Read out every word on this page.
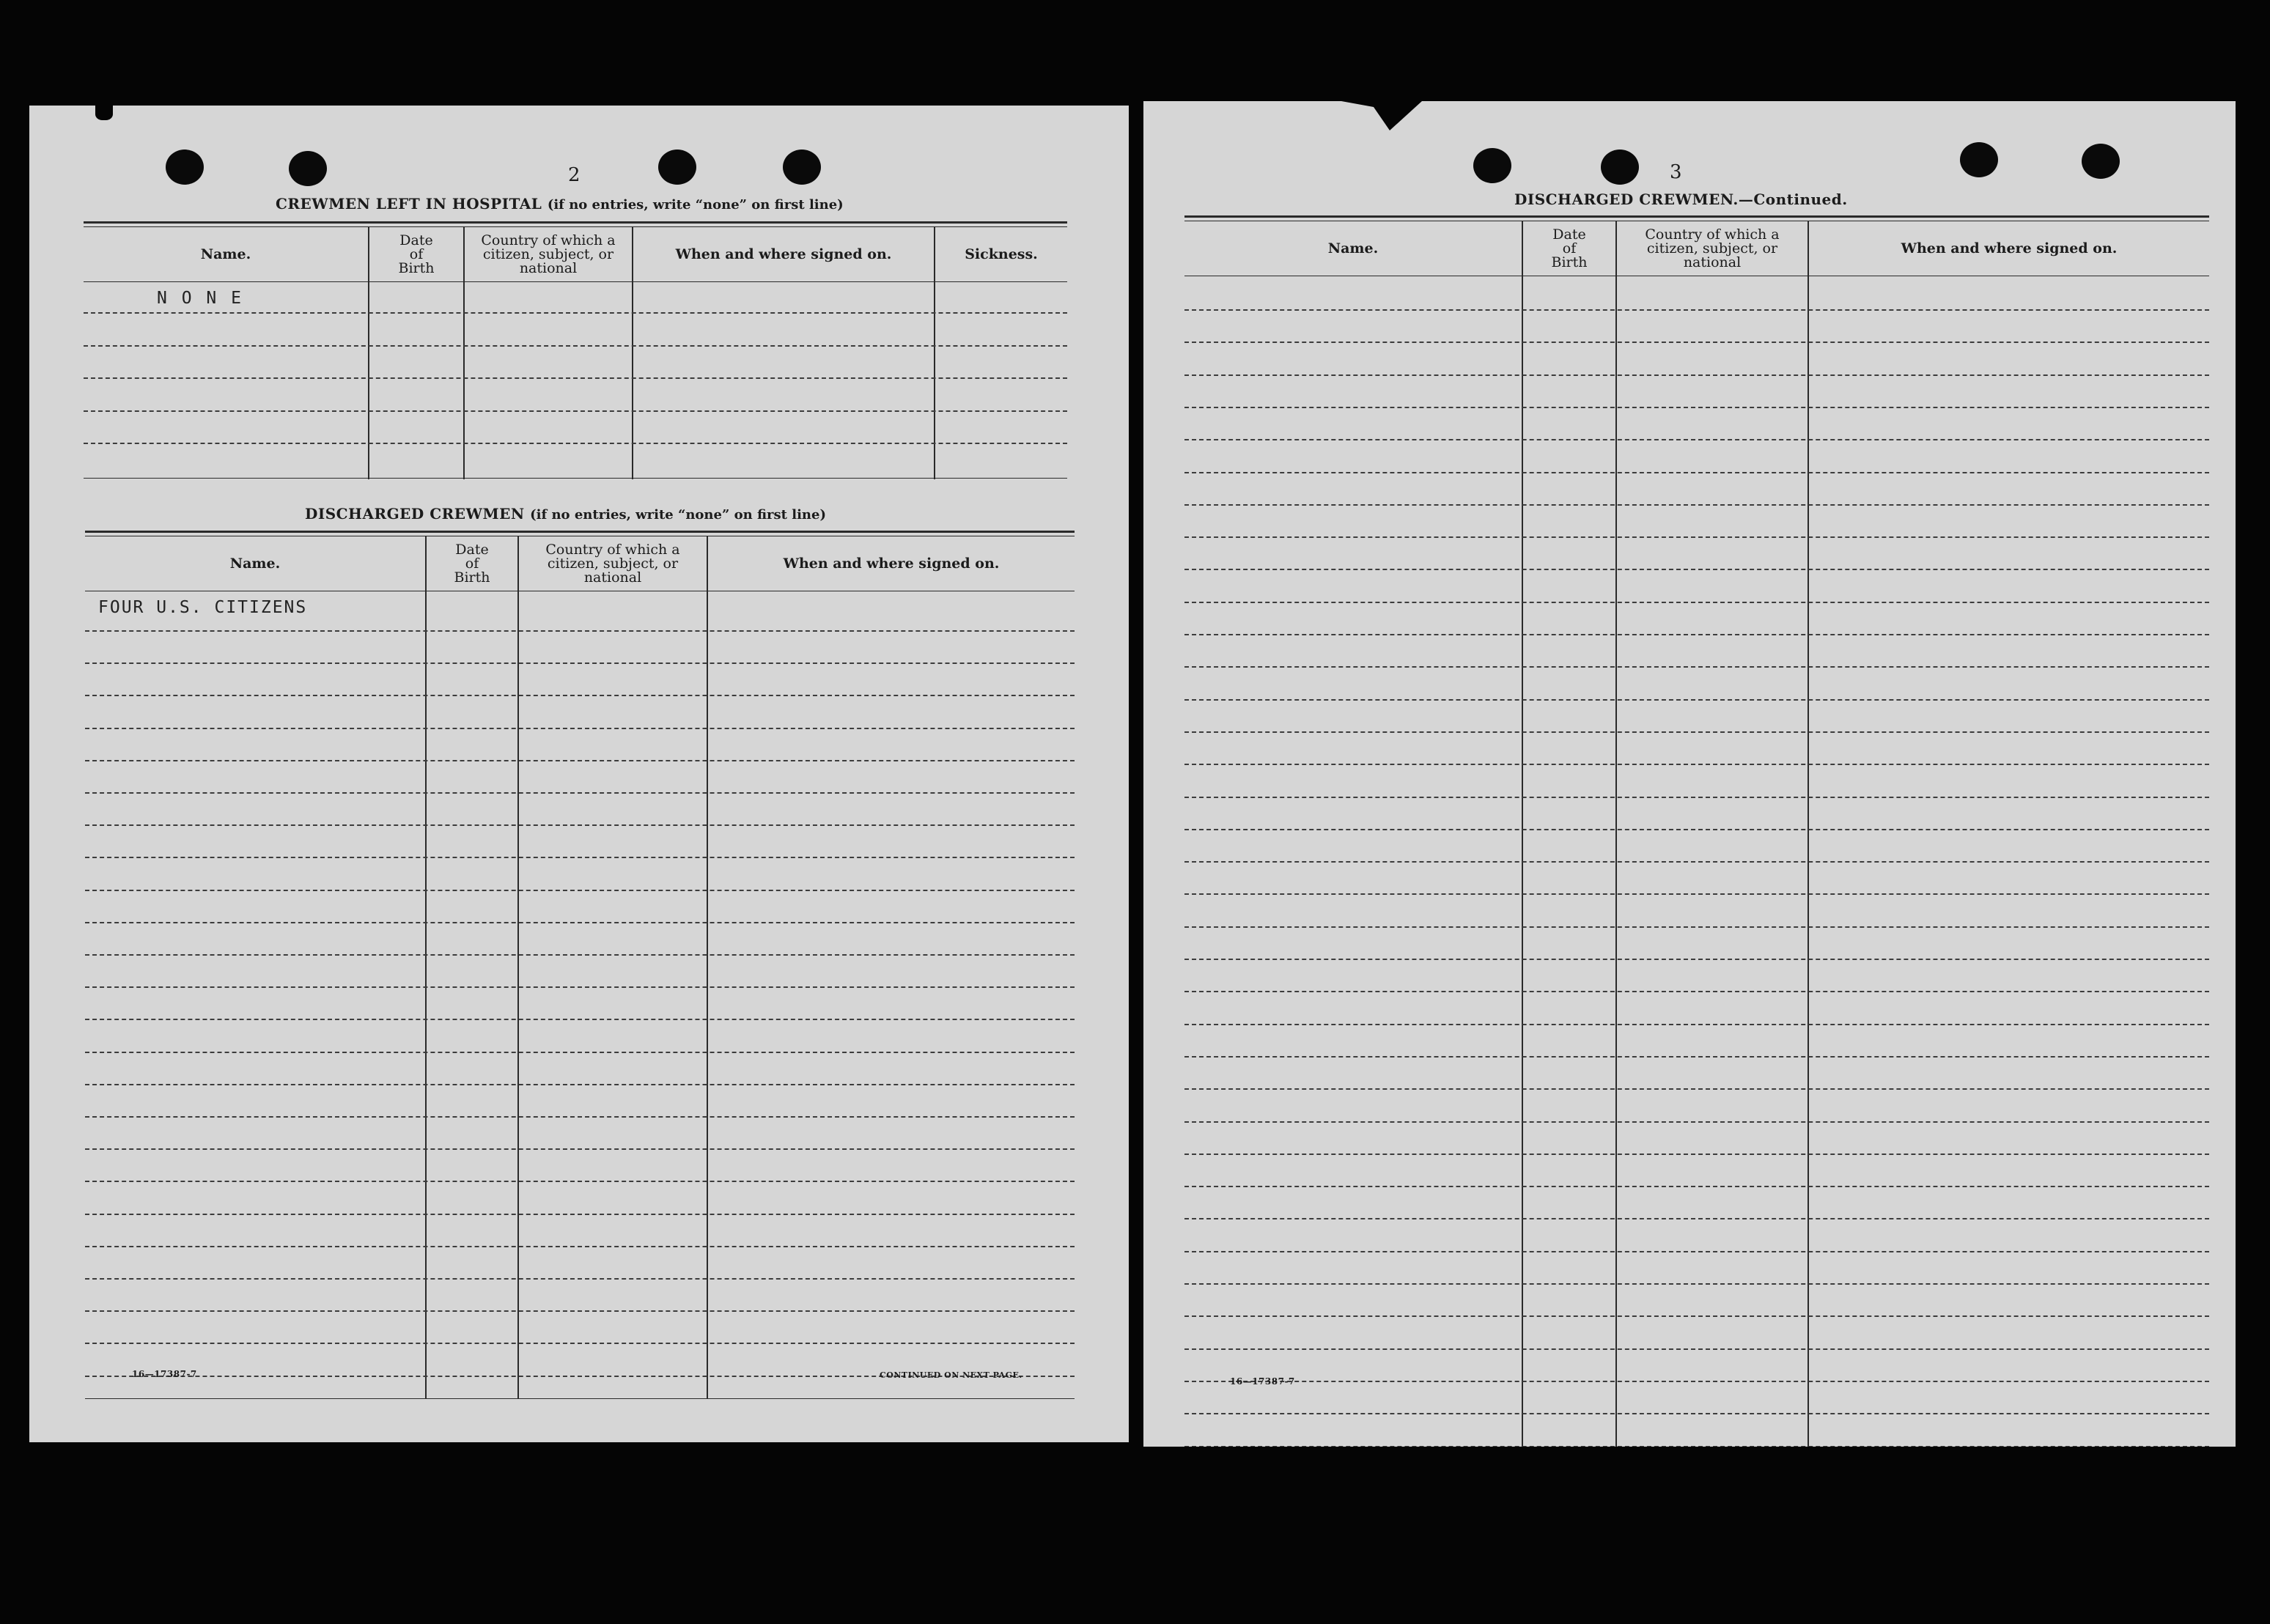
2
CREWMEN LEFT IN HOSPITAL (if no entries, write “none” on first line)
Name.
Date
of
Birth
Country of which a
citizen, subject, or
national
When and where signed on.	Sickness.
N O N E
DISCHARGED CREWMEN (if no entries, write “none” on first line)
Name.
Date
of
Birth
Country of which a
citizen, subject, or
national
When and where signed on.
FOUR U.S. CITIZENS
16—17387-7	CONTINUED ON NEXT PAGE.
3
DISCHARGED CREWMEN.—Continued.
Name.
Date
of
Birth
Country of which a
citizen, subject, or
national
When and where signed on.
16—17387-7
